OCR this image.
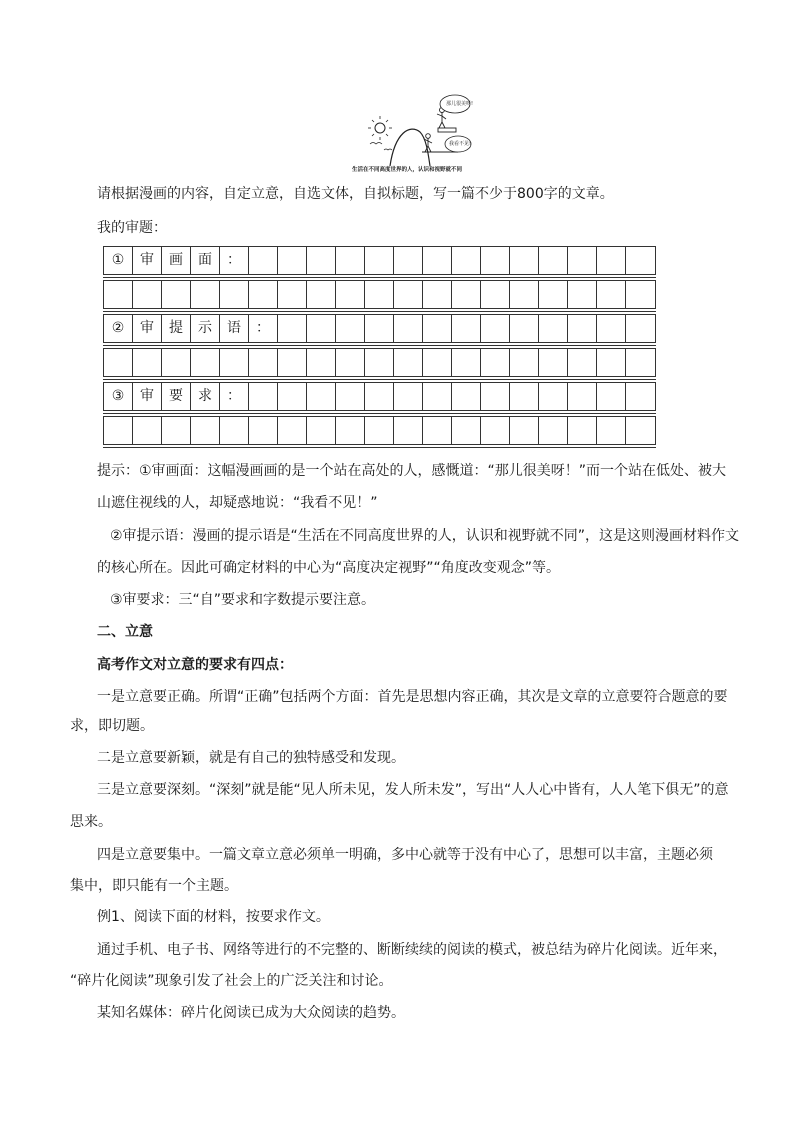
那儿很美呀!
我看不见!
生活在不同高度世界的人，认识和视野就不同
请根据漫画的内容，自定立意，自选文体，自拟标题，写一篇不少于800字的文章。
我的审题：
①	审	画	面	：
②	审	提	示	语	：
③	审	要	求	：
提示：①审画面：这幅漫画画的是一个站在高处的人，感慨道：“那儿很美呀！”而一个站在低处、被大
山遮住视线的人，却疑惑地说：“我看不见！”
②审提示语：漫画的提示语是“生活在不同高度世界的人，认识和视野就不同”，这是这则漫画材料作文
的核心所在。因此可确定材料的中心为“高度决定视野”“角度改变观念”等。
③审要求：三“自”要求和字数提示要注意。
二、立意
高考作文对立意的要求有四点：
一是立意要正确。所谓“正确”包括两个方面：首先是思想内容正确，其次是文章的立意要符合题意的要
求，即切题。
二是立意要新颖，就是有自己的独特感受和发现。
三是立意要深刻。“深刻”就是能“见人所未见，发人所未发”，写出“人人心中皆有，人人笔下俱无”的意
思来。
四是立意要集中。一篇文章立意必须单一明确，多中心就等于没有中心了，思想可以丰富，主题必须
集中，即只能有一个主题。
例1、阅读下面的材料，按要求作文。
通过手机、电子书、网络等进行的不完整的、断断续续的阅读的模式，被总结为碎片化阅读。近年来，
“碎片化阅读”现象引发了社会上的广泛关注和讨论。
某知名媒体：碎片化阅读已成为大众阅读的趋势。
